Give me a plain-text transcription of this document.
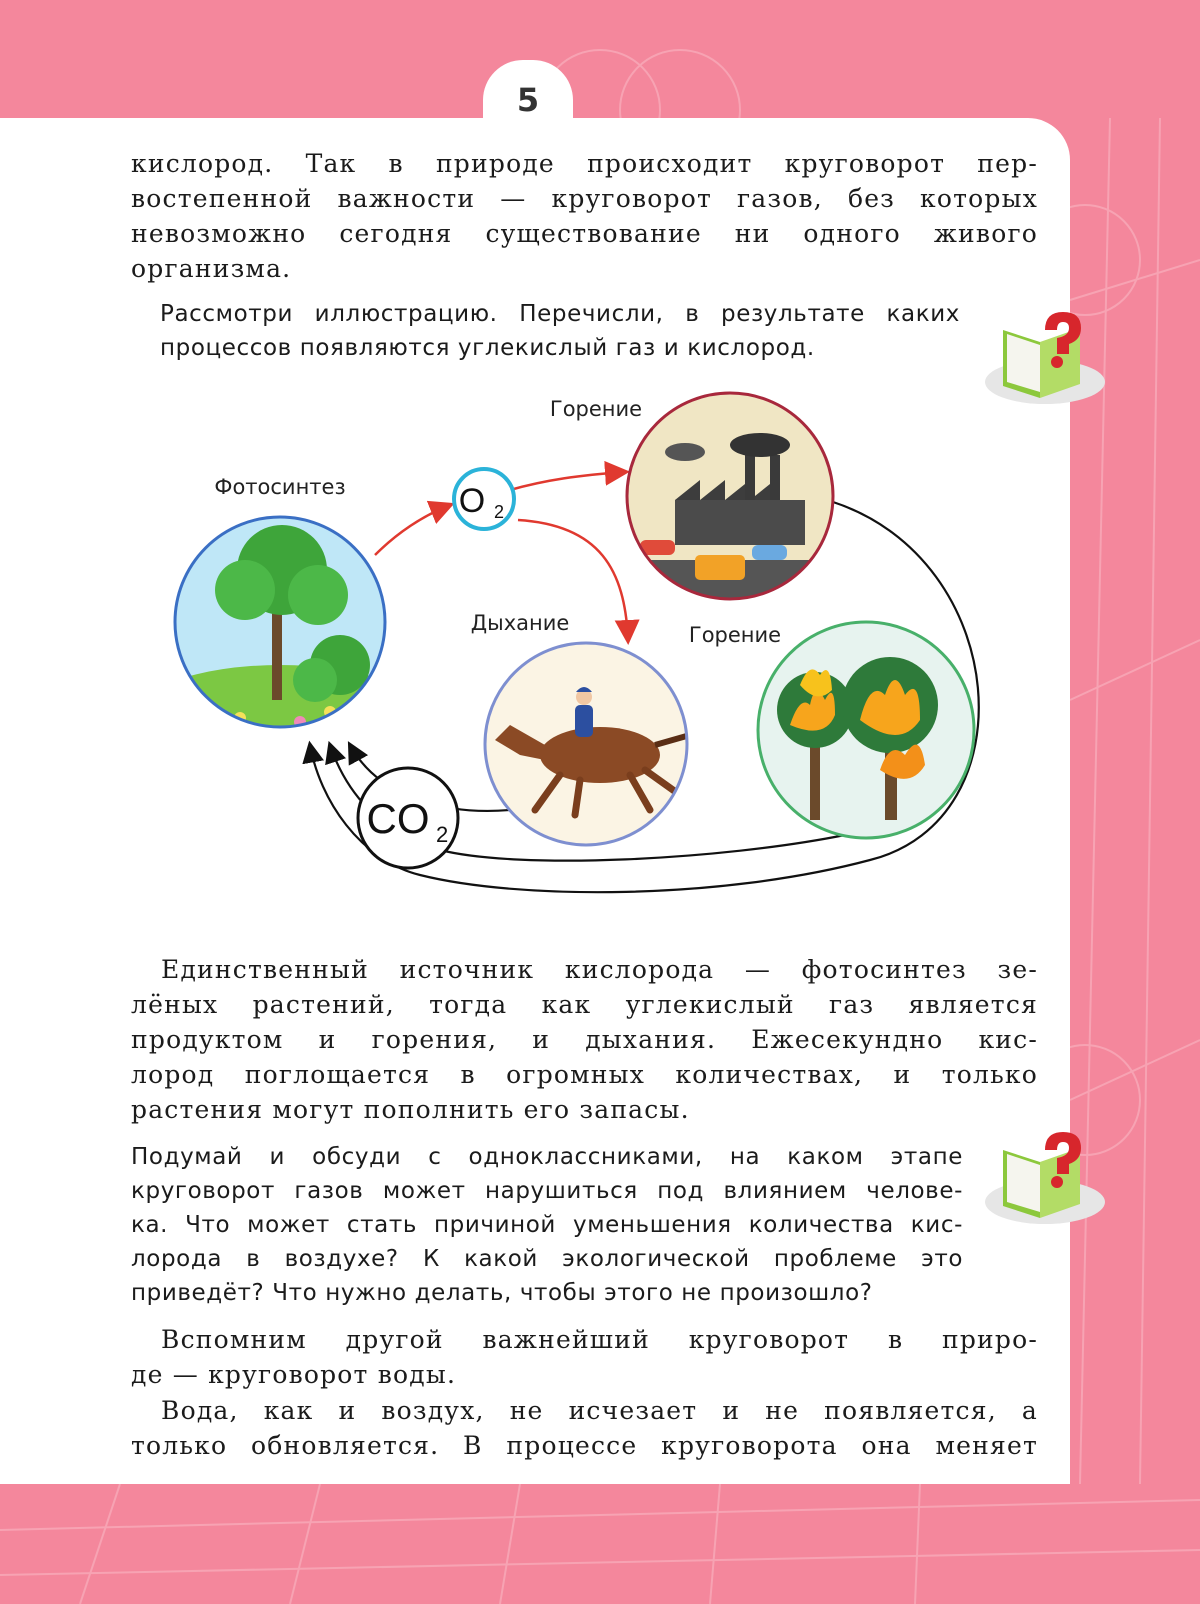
5
кислород. Так в природе происходит круговорот пер-
востепенной важности — круговорот газов, без которых
невозможно сегодня существование ни одного живого
организма.
Рассмотри иллюстрацию. Перечисли, в результате каких
процессов появляются углекислый газ и кислород.
Фотосинтез	O 2
Горение
Дыхание	Горение
CO 2
Единственный источник кислорода — фотосинтез зе-
лёных растений, тогда как углекислый газ является
продуктом и горения, и дыхания. Ежесекундно кис-
лород поглощается в огромных количествах, и только
растения могут пополнить его запасы.
Подумай и обсуди с одноклассниками, на каком этапе
круговорот газов может нарушиться под влиянием челове-
ка. Что может стать причиной уменьшения количества кис-
лорода в воздухе? К какой экологической проблеме это
приведёт? Что нужно делать, чтобы этого не произошло?
Вспомним другой важнейший круговорот в приро-
де — круговорот воды.
Вода, как и воздух, не исчезает и не появляется, а
только обновляется. В процессе круговорота она меняет
